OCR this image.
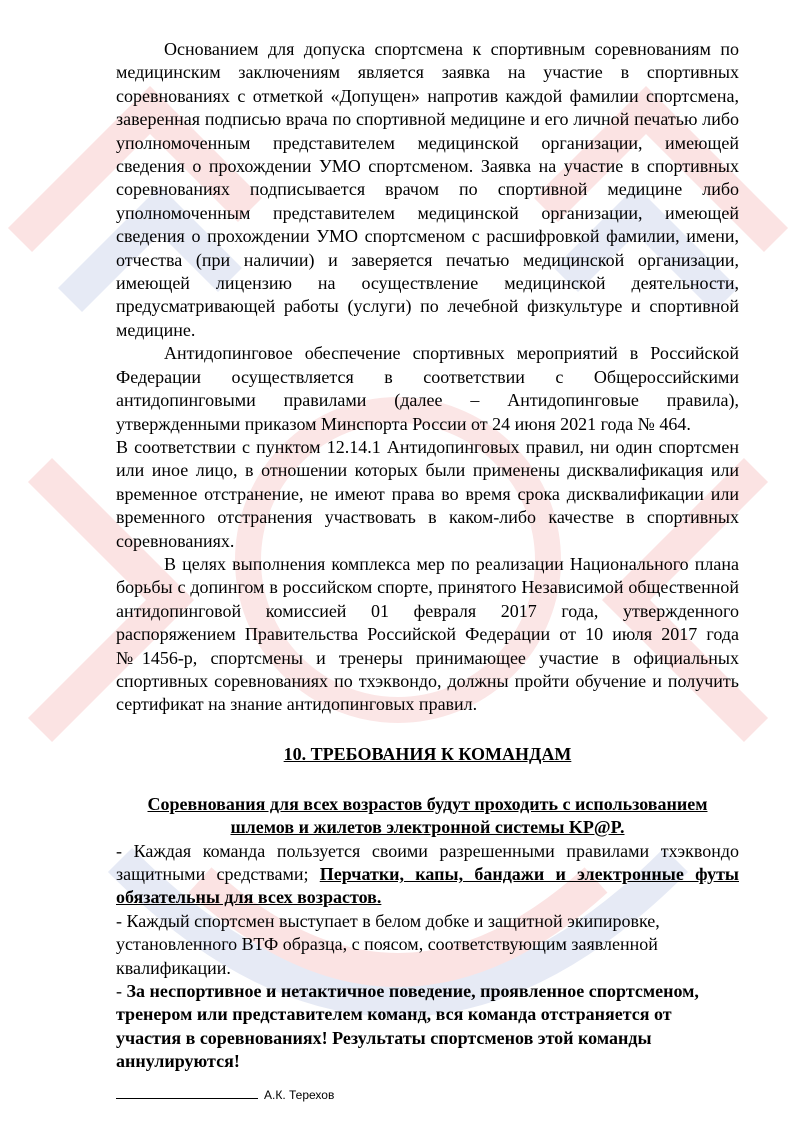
Основанием для допуска спортсмена к спортивным соревнованиям по медицинским заключениям является заявка на участие в спортивных соревнованиях с отметкой «Допущен» напротив каждой фамилии спортсмена, заверенная подписью врача по спортивной медицине и его личной печатью либо уполномоченным представителем медицинской организации, имеющей сведения о прохождении УМО спортсменом. Заявка на участие в спортивных соревнованиях подписывается врачом по спортивной медицине либо уполномоченным представителем медицинской организации, имеющей сведения о прохождении УМО спортсменом с расшифровкой фамилии, имени, отчества (при наличии) и заверяется печатью медицинской организации, имеющей лицензию на осуществление медицинской деятельности, предусматривающей работы (услуги) по лечебной физкультуре и спортивной медицине.

Антидопинговое обеспечение спортивных мероприятий в Российской Федерации осуществляется в соответствии с Общероссийскими антидопинговыми правилами (далее – Антидопинговые правила), утвержденными приказом Минспорта России от 24 июня 2021 года № 464.

В соответствии с пунктом 12.14.1 Антидопинговых правил, ни один спортсмен или иное лицо, в отношении которых были применены дисквалификация или временное отстранение, не имеют права во время срока дисквалификации или временного отстранения участвовать в каком-либо качестве в спортивных соревнованиях.

В целях выполнения комплекса мер по реализации Национального плана борьбы с допингом в российском спорте, принятого Независимой общественной антидопинговой комиссией 01 февраля 2017 года, утвержденного распоряжением Правительства Российской Федерации от 10 июля 2017 года №1456-р, спортсмены и тренеры принимающее участие в официальных спортивных соревнованиях по тхэквондо, должны пройти обучение и получить сертификат на знание антидопинговых правил.

10. ТРЕБОВАНИЯ К КОМАНДАМ

Соревнования для всех возрастов будут проходить с использованием

шлемов и жилетов электронной системы KP@P.

- Каждая команда пользуется своими разрешенными правилами тхэквондо защитными средствами; Перчатки, капы, бандажи и электронные футы обязательны для всех возрастов.

- Каждый спортсмен выступает в белом добке и защитной экипировке, установленного ВТФ образца, с поясом, соответствующим заявленной квалификации.

- За неспортивное и нетактичное поведение, проявленное спортсменом, тренером или представителем команд, вся команда отстраняется от участия в соревнованиях! Результаты спортсменов этой команды аннулируются!

А.К. Терехов
